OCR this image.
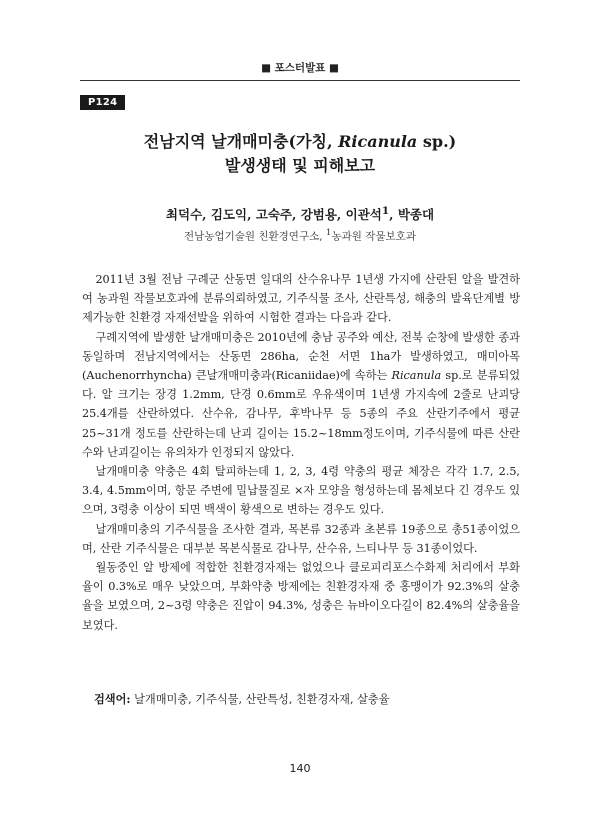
■ 포스터발표 ■
P124
전남지역 날개매미충(가칭, Ricanula sp.)
발생생태 및 피해보고
최덕수, 김도익, 고숙주, 강범용, 이관석$^1$, 박종대
전남농업기술원 친환경연구소, $^1$농과원 작물보호과

2011년 3월 전남 구례군 산동면 일대의 산수유나무 1년생 가지에 산란된 알을 발견하여 농과원 작물보호과에 분류의뢰하였고, 기주식물 조사, 산란특성, 해충의 발육단계별 방제가능한 친환경 자재선발을 위하여 시험한 결과는 다음과 같다.

구례지역에 발생한 날개매미충은 2010년에 충남 공주와 예산, 전북 순창에 발생한 종과 동일하며 전남지역에서는 산동면 286ha, 순천 서면 1ha가 발생하였고, 매미아목(Auchenorrhyncha) 큰날개매미충과(Ricaniidae)에 속하는 Ricanula sp.로 분류되었다. 알 크기는 장경 1.2mm, 단경 0.6mm로 우유색이며 1년생 가지속에 2줄로 난괴당 25.4개를 산란하였다. 산수유, 감나무, 후박나무 등 5종의 주요 산란기주에서 평균 25~31개 정도를 산란하는데 난괴 길이는 15.2~18mm정도이며, 기주식물에 따른 산란수와 난괴길이는 유의차가 인정되지 않았다.

날개매미충 약충은 4회 탈피하는데 1, 2, 3, 4령 약충의 평균 체장은 각각 1.7, 2.5, 3.4, 4.5mm이며, 항문 주변에 밀납물질로 ×자 모양을 형성하는데 몸체보다 긴 경우도 있으며, 3령충 이상이 되면 백색이 황색으로 변하는 경우도 있다.

날개매미충의 기주식물을 조사한 결과, 목본류 32종과 초본류 19종으로 총51종이었으며, 산란 기주식물은 대부분 목본식물로 감나무, 산수유, 느티나무 등 31종이었다.

월동중인 알 방제에 적합한 친환경자재는 없었으나 클로피리포스수화제 처리에서 부화율이 0.3%로 매우 낮았으며, 부화약충 방제에는 친환경자재 중 홍맹이가 92.3%의 살충율을 보였으며, 2~3령 약충은 진압이 94.3%, 성충은 뉴바이오다길이 82.4%의 살충율을 보였다.

검색어: 날개매미충, 기주식물, 산란특성, 친환경자재, 살충율
140
